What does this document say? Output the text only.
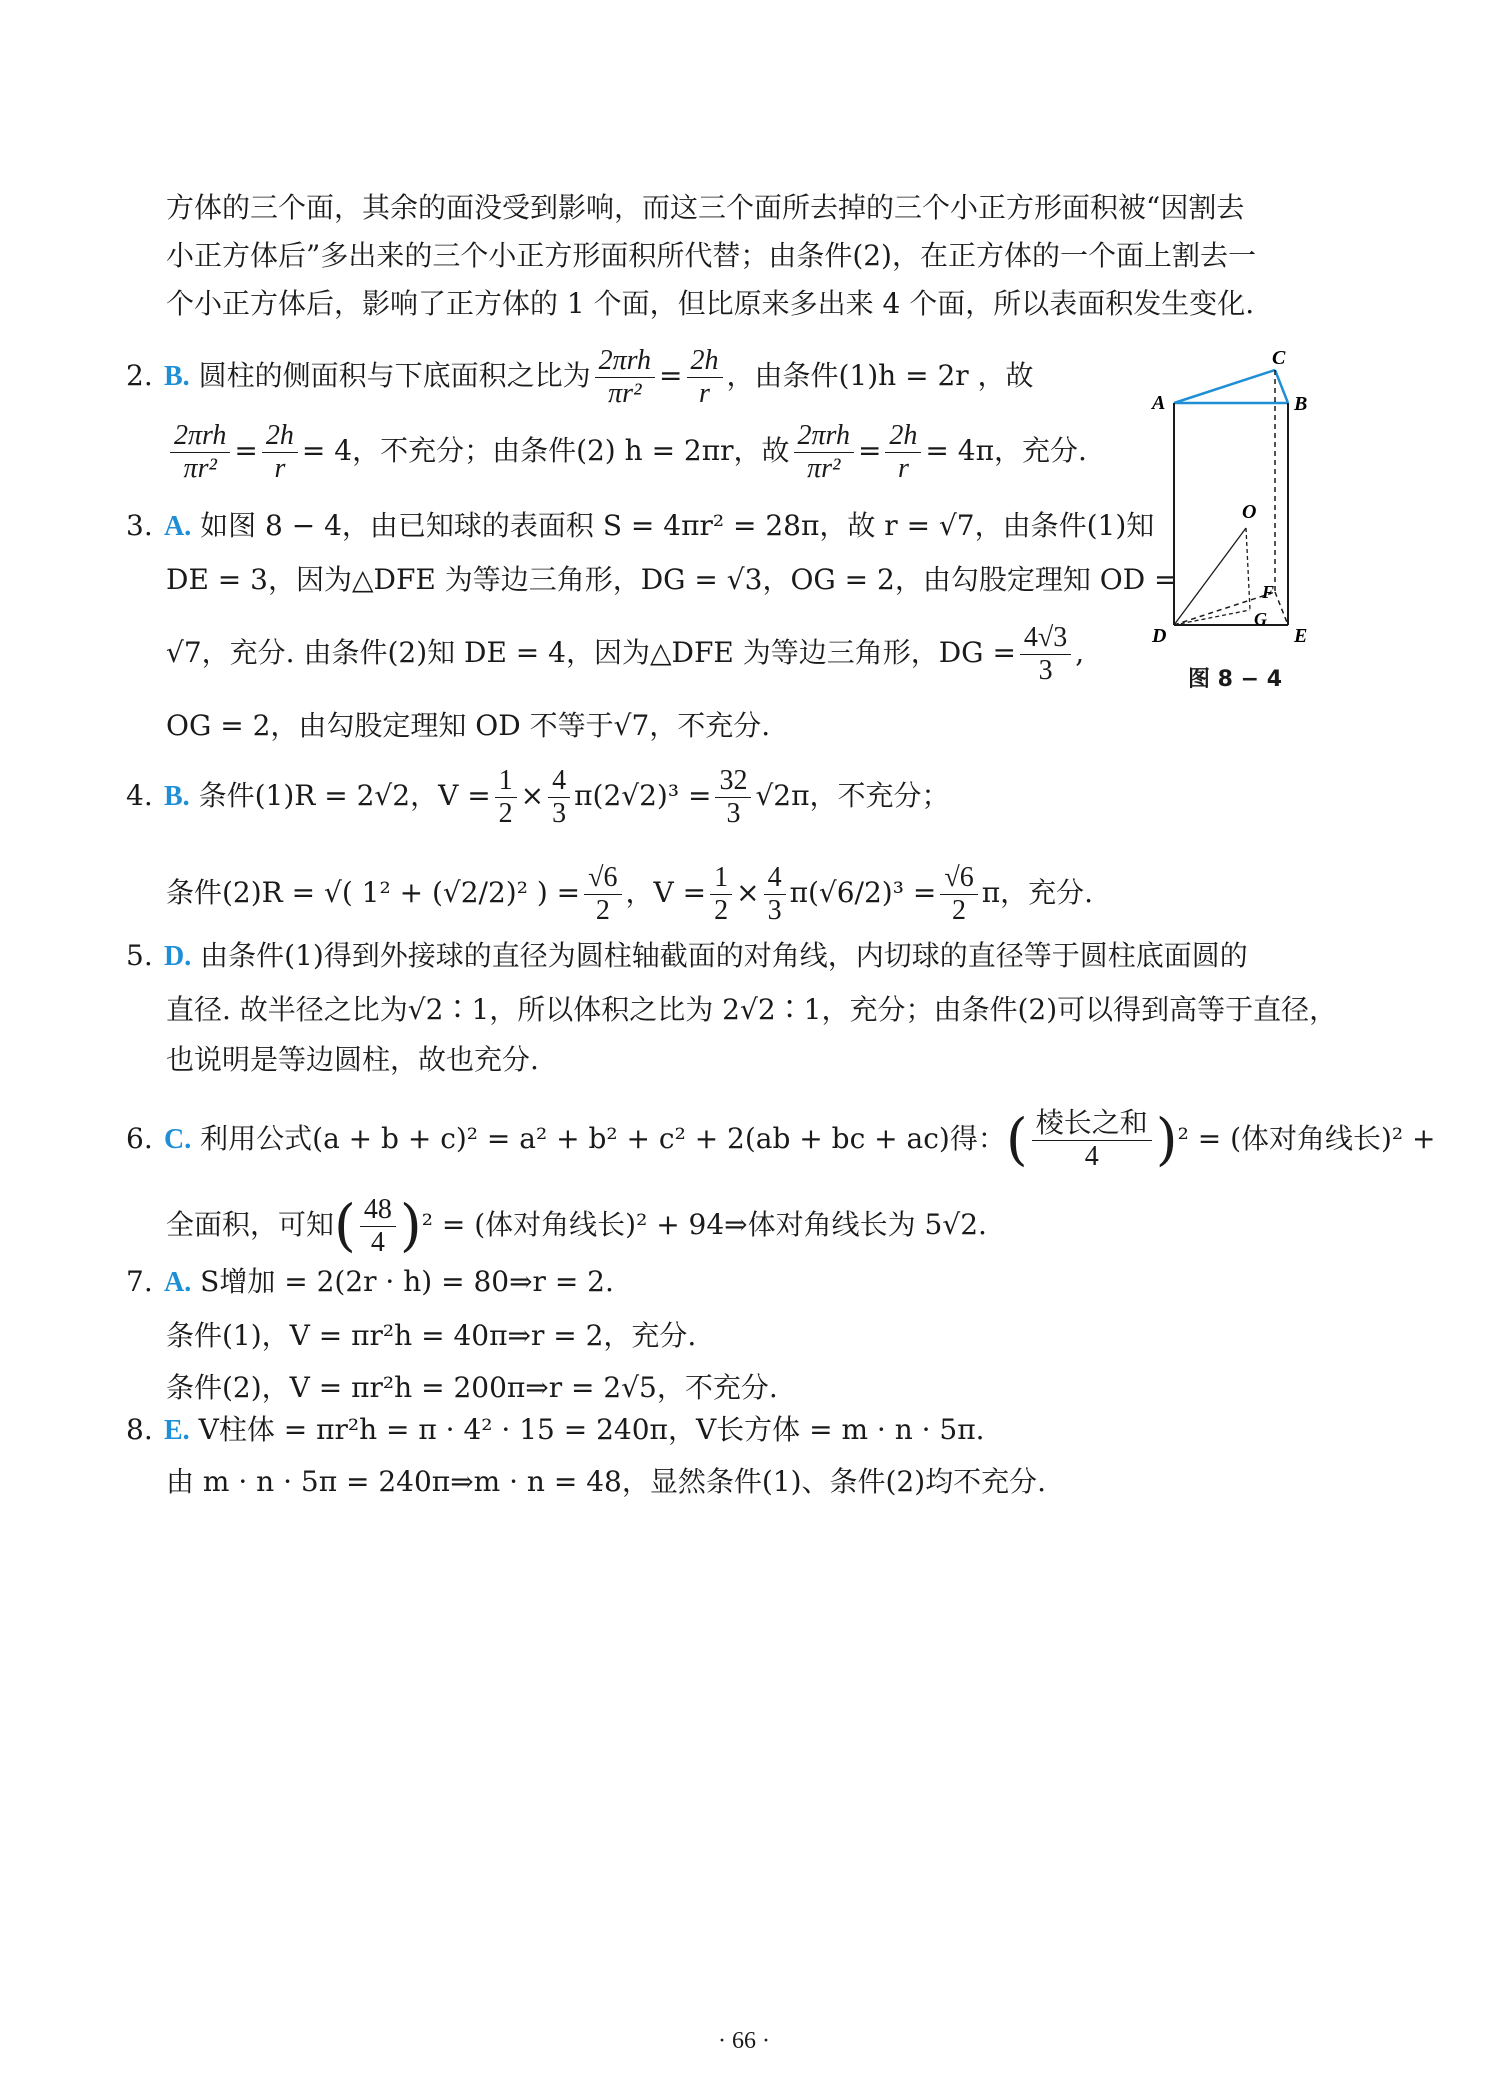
方体的三个面，其余的面没受到影响，而这三个面所去掉的三个小正方形面积被“因割去
小正方体后”多出来的三个小正方形面积所代替；由条件(2)，在正方体的一个面上割去一
个小正方体后，影响了正方体的 1 个面，但比原来多出来 4 个面，所以表面积发生变化.
2. B. 圆柱的侧面积与下底面积之比为 $\frac{\text{2πrh}}{\text{πr²}} = \frac{2h}{r}$ ，由条件(1)h = 2r ，故
$\frac{\text{2πrh}}{\text{πr²}} = \frac{2h}{r} = 4$，不充分；由条件(2) h = 2πr，故 $\frac{\text{2πrh}}{\text{πr²}} = \frac{2h}{r} = 4\pi$，充分.
3. A. 如图 8 − 4，由已知球的表面积 S = 4πr² = 28π，故 r = √7，由条件(1)知
DE = 3，因为△DFE 为等边三角形，DG = √3，OG = 2，由勾股定理知 OD =
√7，充分. 由条件(2)知 DE = 4，因为△DFE 为等边三角形，DG = $\frac{4√3}{3}$ ,
OG = 2，由勾股定理知 OD 不等于√7，不充分.
4. B. 条件(1)R = 2√2，$V = \frac{1}{2} \times \frac{4}{3} \pi(2√2)^3 = \frac{32}{3} √2\pi$，不充分；
条件(2)R = √( 1² + (√2/2)² ) = $\frac{√6}{2}$ ，$V = \frac{1}{2} \times \frac{4}{3} \pi(√6/2)^3 = \frac{√6}{2}$ π，充分.
5. D. 由条件(1)得到外接球的直径为圆柱轴截面的对角线，内切球的直径等于圆柱底面圆的
直径. 故半径之比为√2∶1，所以体积之比为 2√2∶1，充分；由条件(2)可以得到高等于直径，
也说明是等边圆柱，故也充分.
6. C. 利用公式(a + b + c)² = a² + b² + c² + 2(ab + bc + ac)得：( $\frac{\text{棱长之和}}{4} )^2$ = (体对角线长)² +
全面积，可知( $\frac{48}{4} )^2$ = (体对角线长)² + 94⇒体对角线长为 5√2.
7. A. S增加 = 2(2r · h) = 80⇒r = 2.
条件(1)，V = πr²h = 40π⇒r = 2，充分.
条件(2)，V = πr²h = 200π⇒r = 2√5，不充分.
8. E. V柱体 = πr²h = π · 4² · 15 = 240π，V长方体 = m · n · 5π.
由 m · n · 5π = 240π⇒m · n = 48，显然条件(1)、条件(2)均不充分.
C
A	B
O
F
G
D	E
图 8 − 4
· 66 ·
